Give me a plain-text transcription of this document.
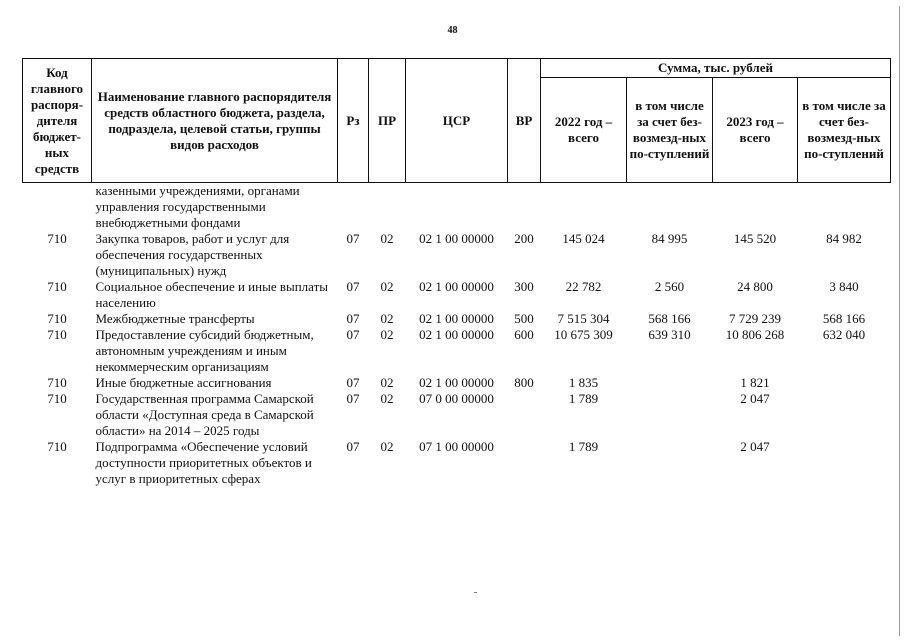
48
Код главного распоря-дителя бюджет-ных средств	Наименование главного распорядителя средств областного бюджета, раздела, подраздела, целевой статьи, группы видов расходов	Рз	ПР	ЦСР	ВР	Сумма, тыс. рублей			
						2022 год – всего	в том числе за счет без-возмезд-ных по-ступлений	2023 год – всего	в том числе за счет без-возмезд-ных по-ступлений
	казенными учреждениями, органами управления государственными внебюджетными фондами								
710	Закупка товаров, работ и услуг для обеспечения государственных (муниципальных) нужд	07	02	02 1 00 00000	200	145 024	84 995	145 520	84 982
710	Социальное обеспечение и иные выплаты населению	07	02	02 1 00 00000	300	22 782	2 560	24 800	3 840
710	Межбюджетные трансферты	07	02	02 1 00 00000	500	7 515 304	568 166	7 729 239	568 166
710	Предоставление субсидий бюджетным, автономным учреждениям и иным некоммерческим организациям	07	02	02 1 00 00000	600	10 675 309	639 310	10 806 268	632 040
710	Иные бюджетные ассигнования	07	02	02 1 00 00000	800	1 835		1 821	
710	Государственная программа Самарской области «Доступная среда в Самарской области» на 2014 – 2025 годы	07	02	07 0 00 00000		1 789		2 047	
710	Подпрограмма «Обеспечение условий доступности приоритетных объектов и услуг в приоритетных сферах	07	02	07 1 00 00000		1 789		2 047	
